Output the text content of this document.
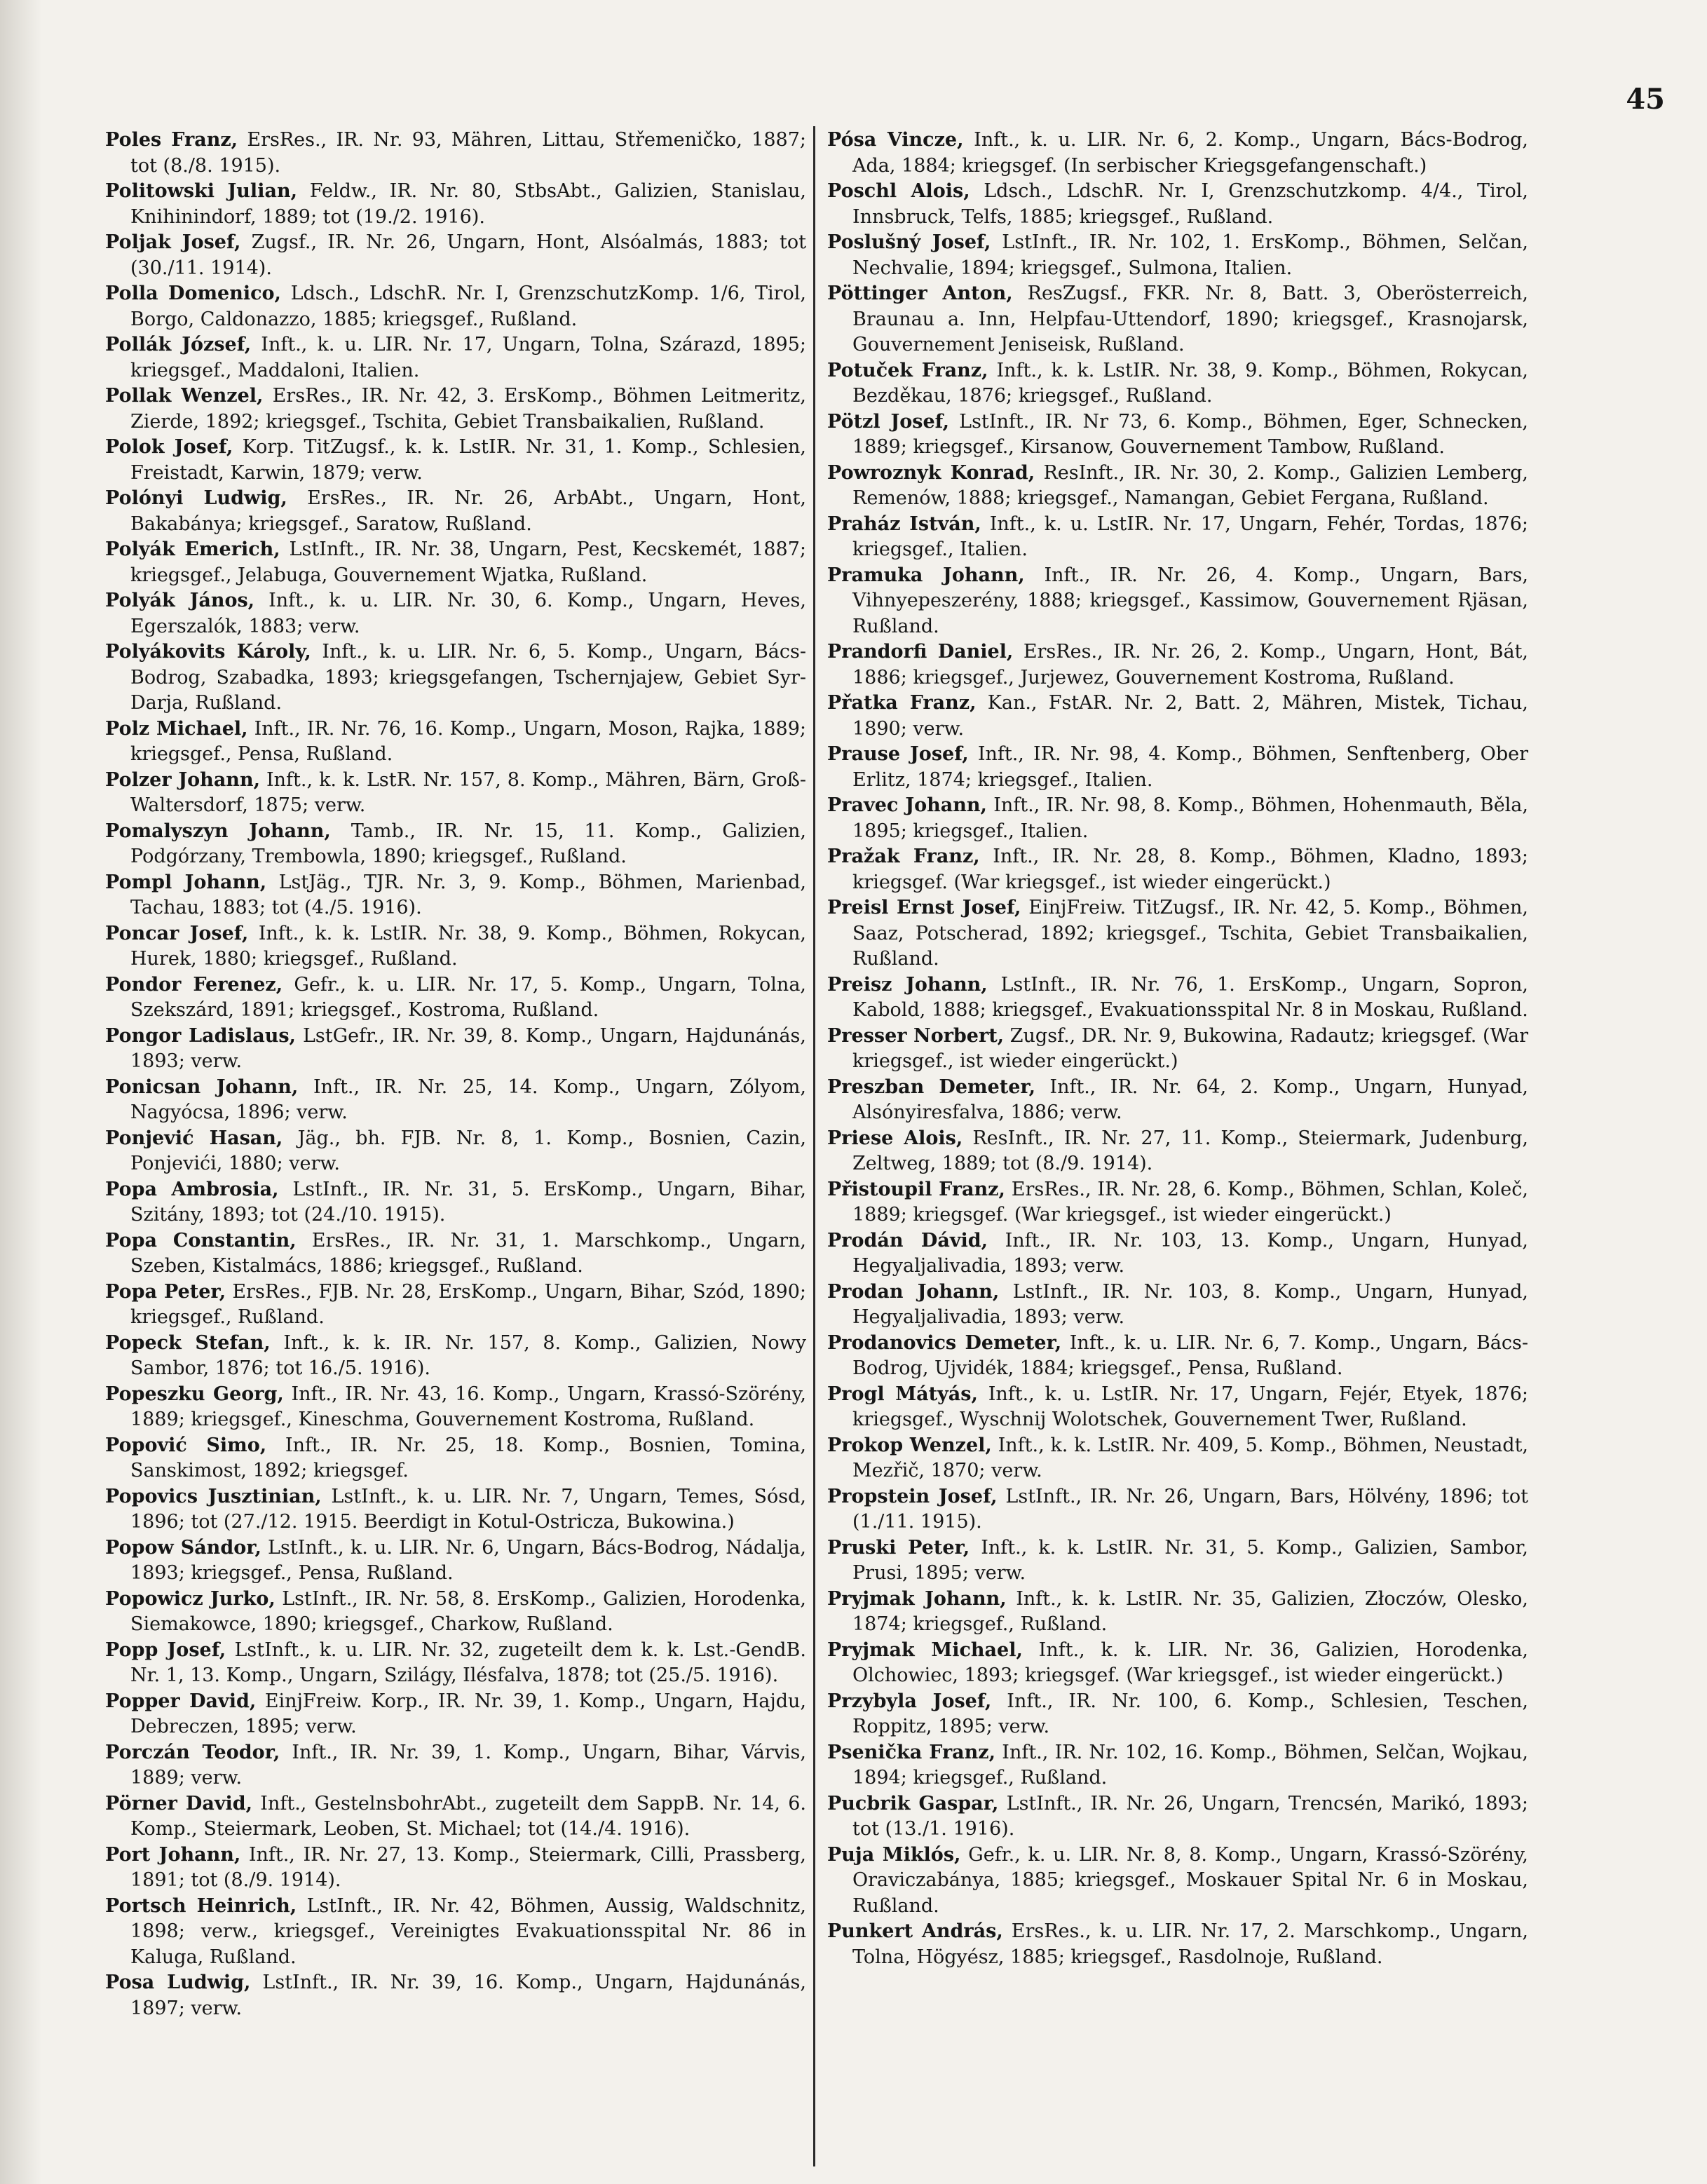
45

Poles Franz, ErsRes., IR. Nr. 93, Mähren, Littau, Střemeničko, 1887; tot (8./8. 1915).

Politowski Julian, Feldw., IR. Nr. 80, StbsAbt., Galizien, Stanislau, Knihinindorf, 1889; tot (19./2. 1916).

Poljak Josef, Zugsf., IR. Nr. 26, Ungarn, Hont, Alsóalmás, 1883; tot (30./11. 1914).

Polla Domenico, Ldsch., LdschR. Nr. I, GrenzschutzKomp. 1/6, Tirol, Borgo, Caldonazzo, 1885; kriegsgef., Rußland.

Pollák József, Inft., k. u. LIR. Nr. 17, Ungarn, Tolna, Szárazd, 1895; kriegsgef., Maddaloni, Italien.

Pollak Wenzel, ErsRes., IR. Nr. 42, 3. ErsKomp., Böhmen Leitmeritz, Zierde, 1892; kriegsgef., Tschita, Gebiet Transbaikalien, Rußland.

Polok Josef, Korp. TitZugsf., k. k. LstIR. Nr. 31, 1. Komp., Schlesien, Freistadt, Karwin, 1879; verw.

Polónyi Ludwig, ErsRes., IR. Nr. 26, ArbAbt., Ungarn, Hont, Bakabánya; kriegsgef., Saratow, Rußland.

Polyák Emerich, LstInft., IR. Nr. 38, Ungarn, Pest, Kecskemét, 1887; kriegsgef., Jelabuga, Gouvernement Wjatka, Rußland.

Polyák János, Inft., k. u. LIR. Nr. 30, 6. Komp., Ungarn, Heves, Egerszalók, 1883; verw.

Polyákovits Károly, Inft., k. u. LIR. Nr. 6, 5. Komp., Ungarn, Bács-Bodrog, Szabadka, 1893; kriegsgefangen, Tschernjajew, Gebiet Syr-Darja, Rußland.

Polz Michael, Inft., IR. Nr. 76, 16. Komp., Ungarn, Moson, Rajka, 1889; kriegsgef., Pensa, Rußland.

Polzer Johann, Inft., k. k. LstR. Nr. 157, 8. Komp., Mähren, Bärn, Groß-Waltersdorf, 1875; verw.

Pomalyszyn Johann, Tamb., IR. Nr. 15, 11. Komp., Galizien, Podgórzany, Trembowla, 1890; kriegsgef., Rußland.

Pompl Johann, LstJäg., TJR. Nr. 3, 9. Komp., Böhmen, Marienbad, Tachau, 1883; tot (4./5. 1916).

Poncar Josef, Inft., k. k. LstIR. Nr. 38, 9. Komp., Böhmen, Rokycan, Hurek, 1880; kriegsgef., Rußland.

Pondor Ferenez, Gefr., k. u. LIR. Nr. 17, 5. Komp., Ungarn, Tolna, Szekszárd, 1891; kriegsgef., Kostroma, Rußland.

Pongor Ladislaus, LstGefr., IR. Nr. 39, 8. Komp., Ungarn, Hajdunánás, 1893; verw.

Ponicsan Johann, Inft., IR. Nr. 25, 14. Komp., Ungarn, Zólyom, Nagyócsa, 1896; verw.

Ponjević Hasan, Jäg., bh. FJB. Nr. 8, 1. Komp., Bosnien, Cazin, Ponjevići, 1880; verw.

Popa Ambrosia, LstInft., IR. Nr. 31, 5. ErsKomp., Ungarn, Bihar, Szitány, 1893; tot (24./10. 1915).

Popa Constantin, ErsRes., IR. Nr. 31, 1. Marschkomp., Ungarn, Szeben, Kistalmács, 1886; kriegsgef., Rußland.

Popa Peter, ErsRes., FJB. Nr. 28, ErsKomp., Ungarn, Bihar, Szód, 1890; kriegsgef., Rußland.

Popeck Stefan, Inft., k. k. IR. Nr. 157, 8. Komp., Galizien, Nowy Sambor, 1876; tot 16./5. 1916).

Popeszku Georg, Inft., IR. Nr. 43, 16. Komp., Ungarn, Krassó-Szörény, 1889; kriegsgef., Kineschma, Gouvernement Kostroma, Rußland.

Popović Simo, Inft., IR. Nr. 25, 18. Komp., Bosnien, Tomina, Sanskimost, 1892; kriegsgef.

Popovics Jusztinian, LstInft., k. u. LIR. Nr. 7, Ungarn, Temes, Sósd, 1896; tot (27./12. 1915. Beerdigt in Kotul-Ostricza, Bukowina.)

Popow Sándor, LstInft., k. u. LIR. Nr. 6, Ungarn, Bács-Bodrog, Nádalja, 1893; kriegsgef., Pensa, Rußland.

Popowicz Jurko, LstInft., IR. Nr. 58, 8. ErsKomp., Galizien, Horodenka, Siemakowce, 1890; kriegsgef., Charkow, Rußland.

Popp Josef, LstInft., k. u. LIR. Nr. 32, zugeteilt dem k. k. Lst.-GendB. Nr. 1, 13. Komp., Ungarn, Szilágy, Ilésfalva, 1878; tot (25./5. 1916).

Popper David, EinjFreiw. Korp., IR. Nr. 39, 1. Komp., Ungarn, Hajdu, Debreczen, 1895; verw.

Porczán Teodor, Inft., IR. Nr. 39, 1. Komp., Ungarn, Bihar, Várvis, 1889; verw.

Pörner David, Inft., GestelnsbohrAbt., zugeteilt dem SappB. Nr. 14, 6. Komp., Steiermark, Leoben, St. Michael; tot (14./4. 1916).

Port Johann, Inft., IR. Nr. 27, 13. Komp., Steiermark, Cilli, Prassberg, 1891; tot (8./9. 1914).

Portsch Heinrich, LstInft., IR. Nr. 42, Böhmen, Aussig, Waldschnitz, 1898; verw., kriegsgef., Vereinigtes Evakuationsspital Nr. 86 in Kaluga, Rußland.

Posa Ludwig, LstInft., IR. Nr. 39, 16. Komp., Ungarn, Hajdunánás, 1897; verw.

Pósa Vincze, Inft., k. u. LIR. Nr. 6, 2. Komp., Ungarn, Bács-Bodrog, Ada, 1884; kriegsgef. (In serbischer Kriegsgefangenschaft.)

Poschl Alois, Ldsch., LdschR. Nr. I, Grenzschutzkomp. 4/4., Tirol, Innsbruck, Telfs, 1885; kriegsgef., Rußland.

Poslušný Josef, LstInft., IR. Nr. 102, 1. ErsKomp., Böhmen, Selčan, Nechvalie, 1894; kriegsgef., Sulmona, Italien.

Pöttinger Anton, ResZugsf., FKR. Nr. 8, Batt. 3, Oberösterreich, Braunau a. Inn, Helpfau-Uttendorf, 1890; kriegsgef., Krasnojarsk, Gouvernement Jeniseisk, Rußland.

Potuček Franz, Inft., k. k. LstIR. Nr. 38, 9. Komp., Böhmen, Rokycan, Bezděkau, 1876; kriegsgef., Rußland.

Pötzl Josef, LstInft., IR. Nr 73, 6. Komp., Böhmen, Eger, Schnecken, 1889; kriegsgef., Kirsanow, Gouvernement Tambow, Rußland.

Powroznyk Konrad, ResInft., IR. Nr. 30, 2. Komp., Galizien Lemberg, Remenów, 1888; kriegsgef., Namangan, Gebiet Fergana, Rußland.

Praház István, Inft., k. u. LstIR. Nr. 17, Ungarn, Fehér, Tordas, 1876; kriegsgef., Italien.

Pramuka Johann, Inft., IR. Nr. 26, 4. Komp., Ungarn, Bars, Vihnyepeszerény, 1888; kriegsgef., Kassimow, Gouvernement Rjäsan, Rußland.

Prandorfi Daniel, ErsRes., IR. Nr. 26, 2. Komp., Ungarn, Hont, Bát, 1886; kriegsgef., Jurjewez, Gouvernement Kostroma, Rußland.

Přatka Franz, Kan., FstAR. Nr. 2, Batt. 2, Mähren, Mistek, Tichau, 1890; verw.

Prause Josef, Inft., IR. Nr. 98, 4. Komp., Böhmen, Senftenberg, Ober Erlitz, 1874; kriegsgef., Italien.

Pravec Johann, Inft., IR. Nr. 98, 8. Komp., Böhmen, Hohenmauth, Běla, 1895; kriegsgef., Italien.

Pražak Franz, Inft., IR. Nr. 28, 8. Komp., Böhmen, Kladno, 1893; kriegsgef. (War kriegsgef., ist wieder eingerückt.)

Preisl Ernst Josef, EinjFreiw. TitZugsf., IR. Nr. 42, 5. Komp., Böhmen, Saaz, Potscherad, 1892; kriegsgef., Tschita, Gebiet Transbaikalien, Rußland.

Preisz Johann, LstInft., IR. Nr. 76, 1. ErsKomp., Ungarn, Sopron, Kabold, 1888; kriegsgef., Evakuationsspital Nr. 8 in Moskau, Rußland.

Presser Norbert, Zugsf., DR. Nr. 9, Bukowina, Radautz; kriegsgef. (War kriegsgef., ist wieder eingerückt.)

Preszban Demeter, Inft., IR. Nr. 64, 2. Komp., Ungarn, Hunyad, Alsónyiresfalva, 1886; verw.

Priese Alois, ResInft., IR. Nr. 27, 11. Komp., Steiermark, Judenburg, Zeltweg, 1889; tot (8./9. 1914).

Přistoupil Franz, ErsRes., IR. Nr. 28, 6. Komp., Böhmen, Schlan, Koleč, 1889; kriegsgef. (War kriegsgef., ist wieder eingerückt.)

Prodán Dávid, Inft., IR. Nr. 103, 13. Komp., Ungarn, Hunyad, Hegyaljalivadia, 1893; verw.

Prodan Johann, LstInft., IR. Nr. 103, 8. Komp., Ungarn, Hunyad, Hegyaljalivadia, 1893; verw.

Prodanovics Demeter, Inft., k. u. LIR. Nr. 6, 7. Komp., Ungarn, Bács-Bodrog, Ujvidék, 1884; kriegsgef., Pensa, Rußland.

Progl Mátyás, Inft., k. u. LstIR. Nr. 17, Ungarn, Fejér, Etyek, 1876; kriegsgef., Wyschnij Wolotschek, Gouvernement Twer, Rußland.

Prokop Wenzel, Inft., k. k. LstIR. Nr. 409, 5. Komp., Böhmen, Neustadt, Mezřič, 1870; verw.

Propstein Josef, LstInft., IR. Nr. 26, Ungarn, Bars, Hölvény, 1896; tot (1./11. 1915).

Pruski Peter, Inft., k. k. LstIR. Nr. 31, 5. Komp., Galizien, Sambor, Prusi, 1895; verw.

Pryjmak Johann, Inft., k. k. LstIR. Nr. 35, Galizien, Złoczów, Olesko, 1874; kriegsgef., Rußland.

Pryjmak Michael, Inft., k. k. LIR. Nr. 36, Galizien, Horodenka, Olchowiec, 1893; kriegsgef. (War kriegsgef., ist wieder eingerückt.)

Przybyla Josef, Inft., IR. Nr. 100, 6. Komp., Schlesien, Teschen, Roppitz, 1895; verw.

Psenička Franz, Inft., IR. Nr. 102, 16. Komp., Böhmen, Selčan, Wojkau, 1894; kriegsgef., Rußland.

Pucbrik Gaspar, LstInft., IR. Nr. 26, Ungarn, Trencsén, Marikó, 1893; tot (13./1. 1916).

Puja Miklós, Gefr., k. u. LIR. Nr. 8, 8. Komp., Ungarn, Krassó-Szörény, Oraviczabánya, 1885; kriegsgef., Moskauer Spital Nr. 6 in Moskau, Rußland.

Punkert András, ErsRes., k. u. LIR. Nr. 17, 2. Marschkomp., Ungarn, Tolna, Högyész, 1885; kriegsgef., Rasdolnoje, Rußland.
